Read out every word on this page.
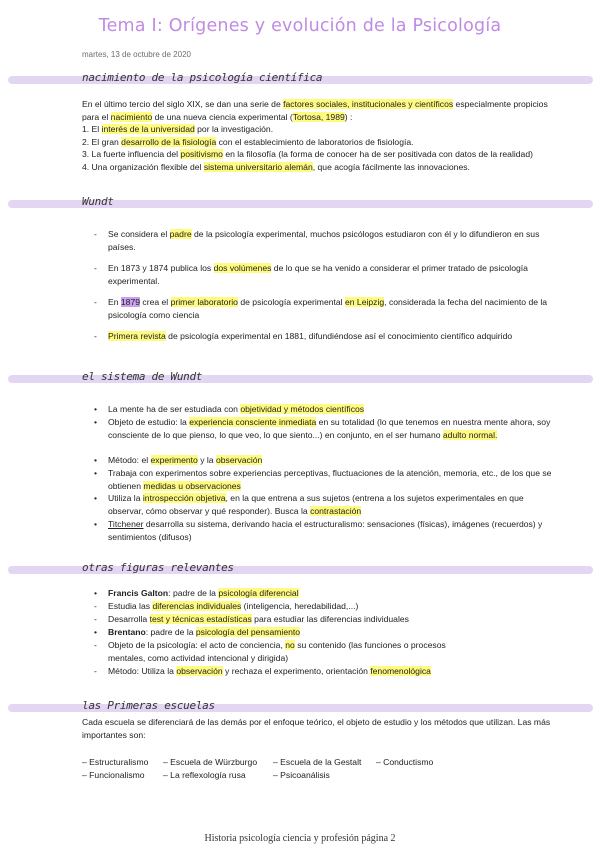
Tema I: Orígenes y evolución de la Psicología
martes, 13 de octubre de 2020
nacimiento de la psicología científica
En el último tercio del siglo XIX, se dan una serie de factores sociales, institucionales y científicos especialmente propicios para el nacimiento de una nueva ciencia experimental (Tortosa, 1989) :
1. El interés de la universidad por la investigación.
2. El gran desarrollo de la fisiología con el establecimiento de laboratorios de fisiología.
3. La fuerte influencia del positivismo en la filosofía (la forma de conocer ha de ser positivada con datos de la realidad)
4. Una organización flexible del sistema universitario alemán, que acogía fácilmente las innovaciones.
Wundt
- Se considera el padre de la psicología experimental, muchos psicólogos estudiaron con él y lo difundieron en sus países.
- En 1873 y 1874 publica los dos volúmenes de lo que se ha venido a considerar el primer tratado de psicología experimental.
- En 1879 crea el primer laboratorio de psicología experimental en Leipzig, considerada la fecha del nacimiento de la psicología como ciencia
- Primera revista de psicología experimental en 1881, difundiéndose así el conocimiento científico adquirido
el sistema de Wundt
• La mente ha de ser estudiada con objetividad y métodos científicos
• Objeto de estudio: la experiencia consciente inmediata en su totalidad (lo que tenemos en nuestra mente ahora, soy consciente de lo que pienso, lo que veo, lo que siento...) en conjunto, en el ser humano adulto normal.
• Método: el experimento y la observación
• Trabaja con experimentos sobre experiencias perceptivas, fluctuaciones de la atención, memoria, etc., de los que se obtienen medidas u observaciones
• Utiliza la introspección objetiva, en la que entrena a sus sujetos (entrena a los sujetos experimentales en que observar, cómo observar y qué responder). Busca la contrastación
• Titchener desarrolla su sistema, derivando hacia el estructuralismo: sensaciones (físicas), imágenes (recuerdos) y sentimientos (difusos)
otras figuras relevantes
• Francis Galton: padre de la psicología diferencial
- Estudia las diferencias individuales (inteligencia, heredabilidad,...)
- Desarrolla test y técnicas estadísticas para estudiar las diferencias individuales
• Brentano: padre de la psicología del pensamiento
- Objeto de la psicología: el acto de conciencia, no su contenido (las funciones o procesos mentales, como actividad intencional y dirigida)
- Método: Utiliza la observación y rechaza el experimento, orientación fenomenológica
las Primeras escuelas
Cada escuela se diferenciará de las demás por el enfoque teórico, el objeto de estudio y los métodos que utilizan. Las más importantes son:
– Estructuralismo – Escuela de Würzburgo – Escuela de la Gestalt – Conductismo
– Funcionalismo – La reflexología rusa	– Psicoanálisis
Historia psicología ciencia y profesión página 2
